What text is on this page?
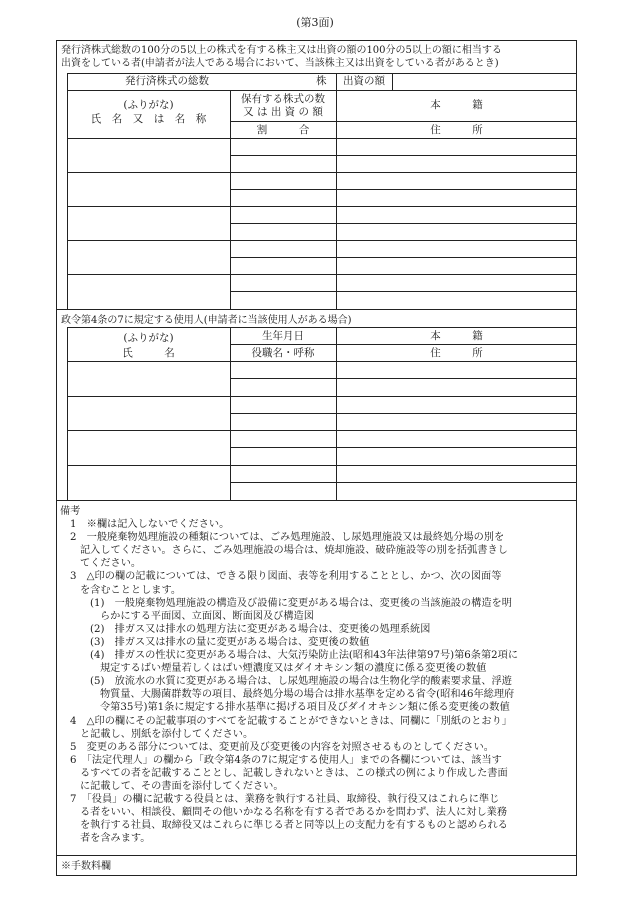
(第3面)
発行済株式総数の100分の5以上の株式を有する株主又は出資の額の100分の5以上の額に相当する
出資をしている者(申請者が法人である場合において、当該株主又は出資をしている者があるとき)
発行済株式の総数	株	出資の額
(ふりがな)
氏　名　又　は　名　称
保有する株式の数
又 は 出 資 の 額
割　　　合
本　　　籍
住　　　所
政令第4条の7に規定する使用人(申請者に当該使用人がある場合)
(ふりがな)
氏　　　名
生年月日
役職名・呼称
本　　　籍
住　　　所
備考
1　※欄は記入しないでください。
2　一般廃棄物処理施設の種類については、ごみ処理施設、し尿処理施設又は最終処分場の別を
記入してください。さらに、ごみ処理施設の場合は、焼却施設、破砕施設等の別を括弧書きし
てください。
3　△印の欄の記載については、できる限り図面、表等を利用することとし、かつ、次の図面等
を含むこととします。
(1)　一般廃棄物処理施設の構造及び設備に変更がある場合は、変更後の当該施設の構造を明
らかにする平面図、立面図、断面図及び構造図
(2)　排ガス又は排水の処理方法に変更がある場合は、変更後の処理系統図
(3)　排ガス又は排水の量に変更がある場合は、変更後の数値
(4)　排ガスの性状に変更がある場合は、大気汚染防止法(昭和43年法律第97号)第6条第2項に
規定するばい煙量若しくはばい煙濃度又はダイオキシン類の濃度に係る変更後の数値
(5)　放流水の水質に変更がある場合は、し尿処理施設の場合は生物化学的酸素要求量、浮遊
物質量、大腸菌群数等の項目、最終処分場の場合は排水基準を定める省令(昭和46年総理府
令第35号)第1条に規定する排水基準に掲げる項目及びダイオキシン類に係る変更後の数値
4　△印の欄にその記載事項のすべてを記載することができないときは、同欄に「別紙のとおり」
と記載し、別紙を添付してください。
5　変更のある部分については、変更前及び変更後の内容を対照させるものとしてください。
6　「法定代理人」の欄から「政令第4条の7に規定する使用人」までの各欄については、該当す
るすべての者を記載することとし、記載しきれないときは、この様式の例により作成した書面
に記載して、その書面を添付してください。
7　「役員」の欄に記載する役員とは、業務を執行する社員、取締役、執行役又はこれらに準じ
る者をいい、相談役、顧問その他いかなる名称を有する者であるかを問わず、法人に対し業務
を執行する社員、取締役又はこれらに準じる者と同等以上の支配力を有するものと認められる
者を含みます。
※手数料欄
